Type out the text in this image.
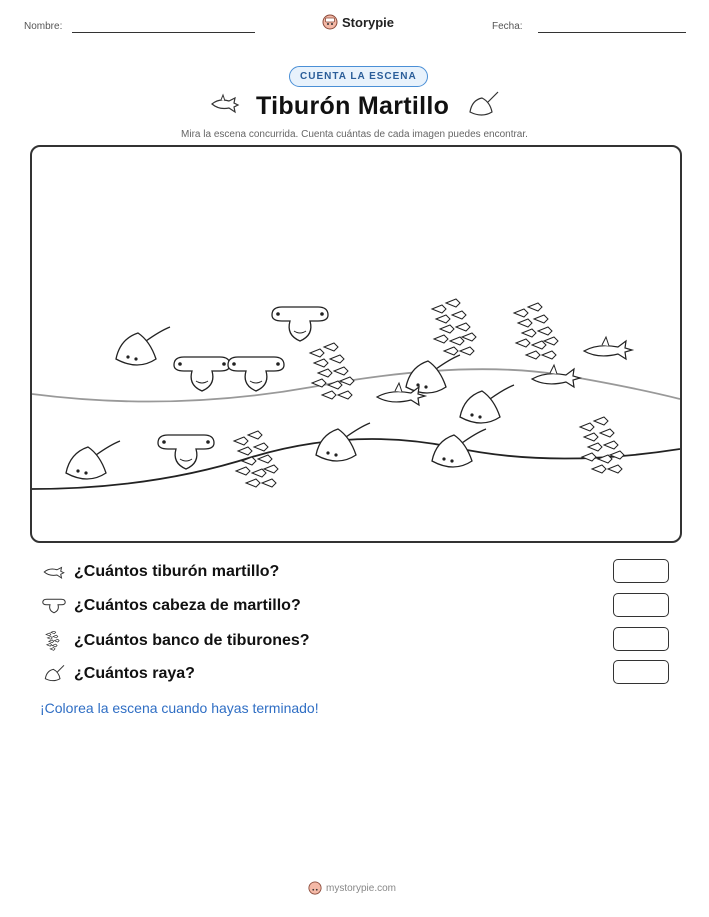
Nombre:	Storypie	Fecha:
CUENTA LA ESCENA
Tiburón Martillo
Mira la escena concurrida. Cuenta cuántas de cada imagen puedes encontrar.
¿Cuántos tiburón martillo?
¿Cuántos cabeza de martillo?
¿Cuántos banco de tiburones?
¿Cuántos raya?
¡Colorea la escena cuando hayas terminado!
mystorypie.com
